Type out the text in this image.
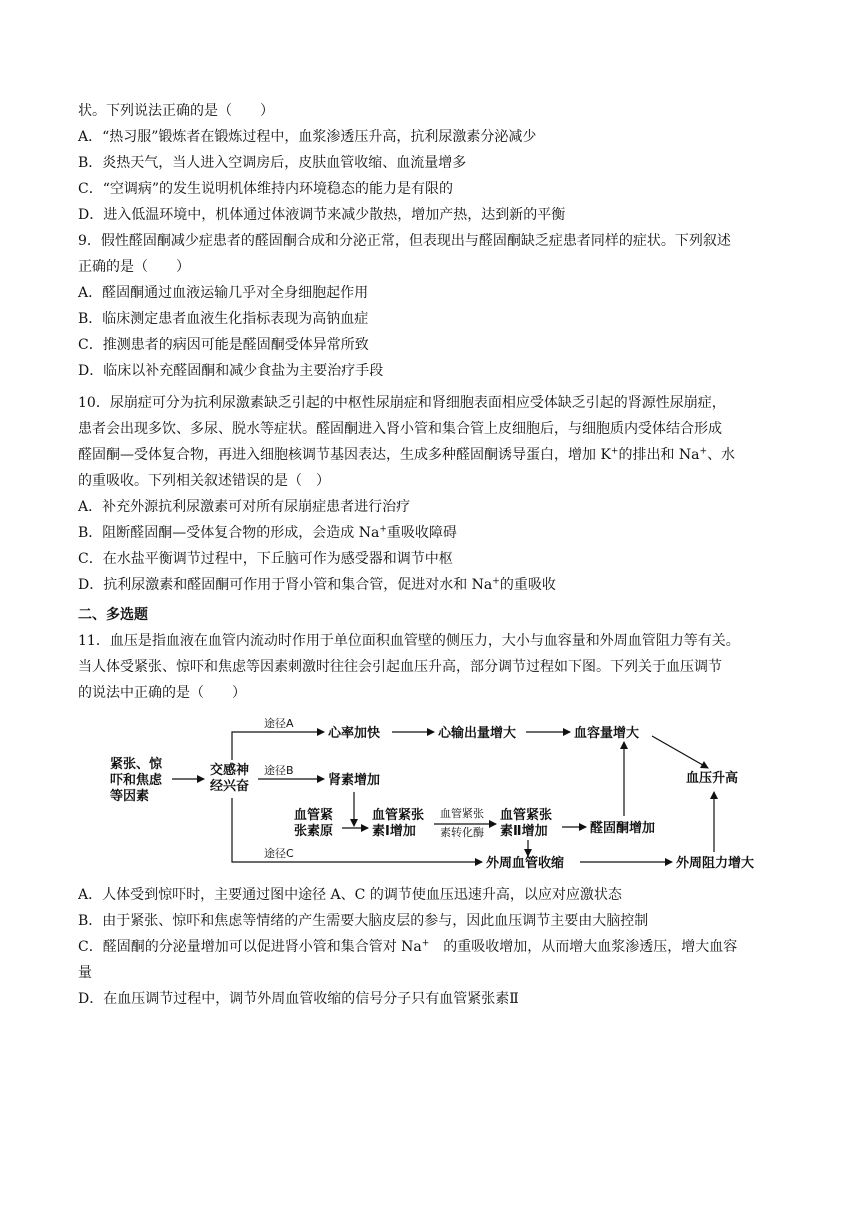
状。下列说法正确的是（　　）
A．“热习服”锻炼者在锻炼过程中，血浆渗透压升高，抗利尿激素分泌减少
B．炎热天气，当人进入空调房后，皮肤血管收缩、血流量增多
C．“空调病”的发生说明机体维持内环境稳态的能力是有限的
D．进入低温环境中，机体通过体液调节来减少散热，增加产热，达到新的平衡
9．假性醛固酮减少症患者的醛固酮合成和分泌正常，但表现出与醛固酮缺乏症患者同样的症状。下列叙述
正确的是（　　）
A．醛固酮通过血液运输几乎对全身细胞起作用
B．临床测定患者血液生化指标表现为高钠血症
C．推测患者的病因可能是醛固酮受体异常所致
D．临床以补充醛固酮和减少食盐为主要治疗手段
10．尿崩症可分为抗利尿激素缺乏引起的中枢性尿崩症和肾细胞表面相应受体缺乏引起的肾源性尿崩症，
患者会出现多饮、多尿、脱水等症状。醛固酮进入肾小管和集合管上皮细胞后，与细胞质内受体结合形成
醛固酮—受体复合物，再进入细胞核调节基因表达，生成多种醛固酮诱导蛋白，增加 K+的排出和 Na+、水
的重吸收。下列相关叙述错误的是（　）
A．补充外源抗利尿激素可对所有尿崩症患者进行治疗
B．阻断醛固酮—受体复合物的形成，会造成 Na+重吸收障碍
C．在水盐平衡调节过程中，下丘脑可作为感受器和调节中枢
D．抗利尿激素和醛固酮可作用于肾小管和集合管，促进对水和 Na+的重吸收
二、多选题
11．血压是指血液在血管内流动时作用于单位面积血管壁的侧压力，大小与血容量和外周血管阻力等有关。
当人体受紧张、惊吓和焦虑等因素刺激时往往会引起血压升高，部分调节过程如下图。下列关于血压调节
的说法中正确的是（　　）
紧张、惊
吓和焦虑
等因素
交感神
经兴奋
途径A
心率加快	心输出量增大	血容量增大
途径B
肾素增加
血管紧
张素原
血管紧张
素Ⅰ增加
血管紧张
素转化酶
血管紧张
素Ⅱ增加	醛固酮增加
途径C
外周血管收缩	外周阻力增大
血压升高
A．人体受到惊吓时，主要通过图中途径 A、C 的调节使血压迅速升高，以应对应激状态
B．由于紧张、惊吓和焦虑等情绪的产生需要大脑皮层的参与，因此血压调节主要由大脑控制
C．醛固酮的分泌量增加可以促进肾小管和集合管对 Na+　的重吸收增加，从而增大血浆渗透压，增大血容
量
D．在血压调节过程中，调节外周血管收缩的信号分子只有血管紧张素Ⅱ
